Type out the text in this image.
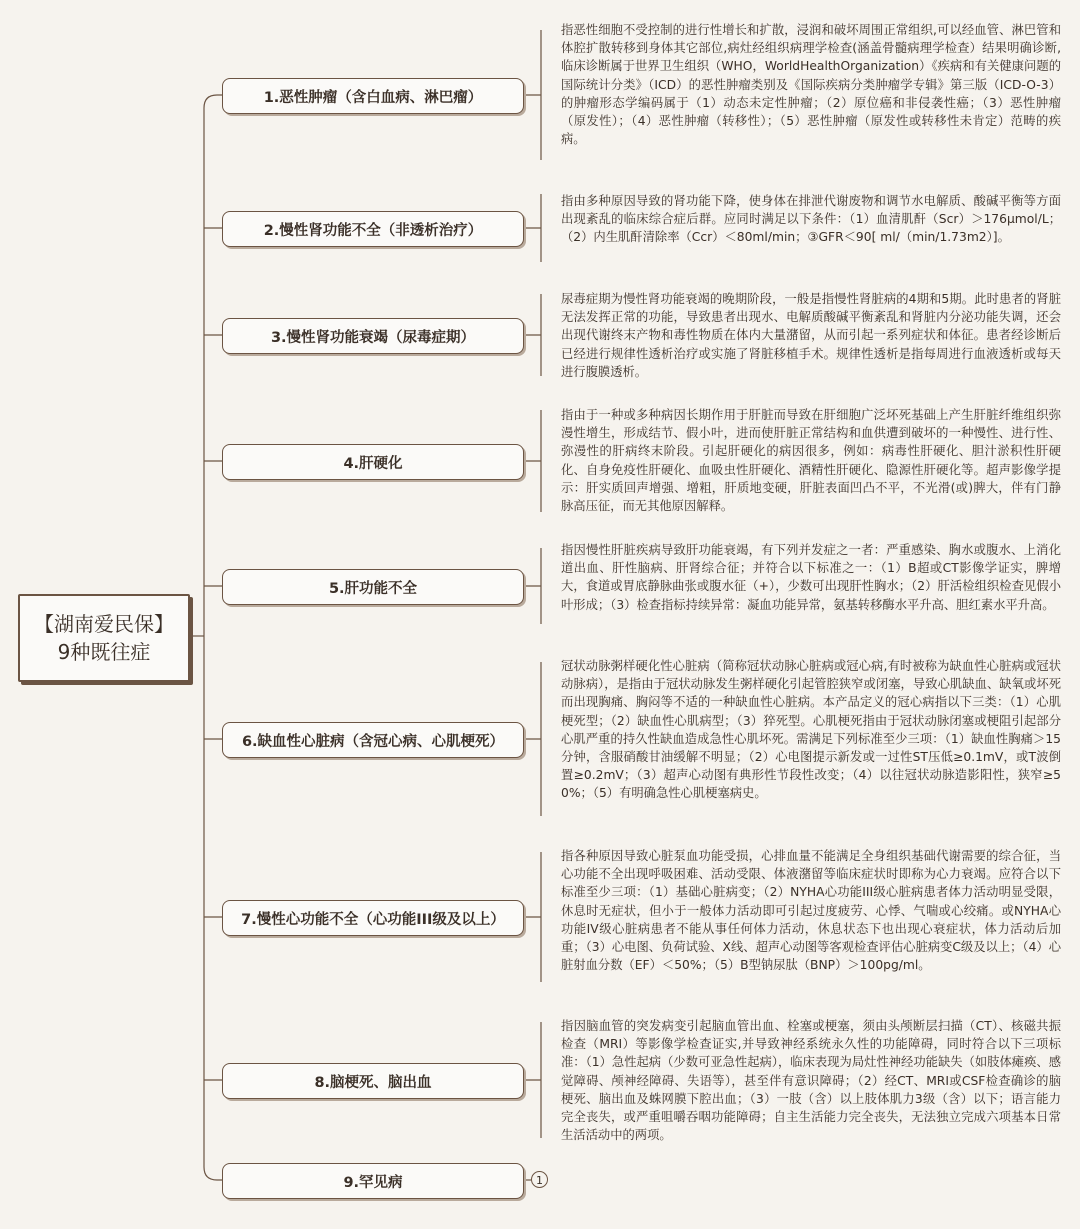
【湖南爱民保】
9种既往症
1.恶性肿瘤（含白血病、淋巴瘤）
2.慢性肾功能不全（非透析治疗）
3.慢性肾功能衰竭（尿毒症期）
4.肝硬化
5.肝功能不全
6.缺血性心脏病（含冠心病、心肌梗死）
7.慢性心功能不全（心功能III级及以上）
8.脑梗死、脑出血
9.罕见病	1
指恶性细胞不受控制的进行性增长和扩散，浸润和破坏周围正常组织,可以经血管、淋巴管和体腔扩散转移到身体其它部位,病灶经组织病理学检查(涵盖骨髓病理学检查）结果明确诊断,临床诊断属于世界卫生组织（WHO，WorldHealthOrganization）《疾病和有关健康问题的国际统计分类》（ICD）的恶性肿瘤类别及《国际疾病分类肿瘤学专辑》第三版（ICD-O-3）的肿瘤形态学编码属于（1）动态未定性肿瘤；（2）原位癌和非侵袭性癌；（3）恶性肿瘤（原发性）；（4）恶性肿瘤（转移性）；（5）恶性肿瘤（原发性或转移性未肯定）范畴的疾病。
指由多种原因导致的肾功能下降，使身体在排泄代谢废物和调节水电解质、酸碱平衡等方面出现紊乱的临床综合症后群。应同时满足以下条件：（1）血清肌酐（Scr）＞176μmol/L；（2）内生肌酐清除率（Ccr）＜80ml/min；③GFR＜90[ ml/（min/1.73m2）]。
尿毒症期为慢性肾功能衰竭的晚期阶段，一般是指慢性肾脏病的4期和5期。此时患者的肾脏无法发挥正常的功能，导致患者出现水、电解质酸碱平衡紊乱和肾脏内分泌功能失调，还会出现代谢终末产物和毒性物质在体内大量潴留，从而引起一系列症状和体征。患者经诊断后已经进行规律性透析治疗或实施了肾脏移植手术。规律性透析是指每周进行血液透析或每天进行腹膜透析。
指由于一种或多种病因长期作用于肝脏而导致在肝细胞广泛坏死基础上产生肝脏纤维组织弥漫性增生，形成结节、假小叶，进而使肝脏正常结构和血供遭到破坏的一种慢性、进行性、弥漫性的肝病终末阶段。引起肝硬化的病因很多，例如：病毒性肝硬化、胆汁淤积性肝硬化、自身免疫性肝硬化、血吸虫性肝硬化、酒精性肝硬化、隐源性肝硬化等。超声影像学提示：肝实质回声增强、增粗，肝质地变硬，肝脏表面凹凸不平，不光滑(或)脾大，伴有门静脉高压征，而无其他原因解释。
指因慢性肝脏疾病导致肝功能衰竭，有下列并发症之一者：严重感染、胸水或腹水、上消化道出血、肝性脑病、肝肾综合征；并符合以下标准之一：（1）B超或CT影像学证实，脾增大，食道或胃底静脉曲张或腹水征（+），少数可出现肝性胸水；（2）肝活检组织检查见假小叶形成；（3）检查指标持续异常：凝血功能异常，氨基转移酶水平升高、胆红素水平升高。
冠状动脉粥样硬化性心脏病（简称冠状动脉心脏病或冠心病,有时被称为缺血性心脏病或冠状动脉病），是指由于冠状动脉发生粥样硬化引起管腔狭窄或闭塞，导致心肌缺血、缺氧或坏死而出现胸痛、胸闷等不适的一种缺血性心脏病。本产品定义的冠心病指以下三类：（1）心肌梗死型；（2）缺血性心肌病型；（3）猝死型。心肌梗死指由于冠状动脉闭塞或梗阻引起部分心肌严重的持久性缺血造成急性心肌坏死。需满足下列标准至少三项：（1）缺血性胸痛＞15分钟，含服硝酸甘油缓解不明显；（2）心电图提示新发或一过性ST压低≥0.1mV，或T波倒置≥0.2mV；（3）超声心动图有典形性节段性改变；（4）以往冠状动脉造影阳性，狭窄≥50%；（5）有明确急性心肌梗塞病史。
指各种原因导致心脏泵血功能受损，心排血量不能满足全身组织基础代谢需要的综合征，当心功能不全出现呼吸困难、活动受限、体液潴留等临床症状时即称为心力衰竭。应符合以下标准至少三项：（1）基础心脏病变；（2）NYHA心功能III级心脏病患者体力活动明显受限，休息时无症状，但小于一般体力活动即可引起过度疲劳、心悸、气喘或心绞痛。或NYHA心功能IV级心脏病患者不能从事任何体力活动，休息状态下也出现心衰症状，体力活动后加重；（3）心电图、负荷试验、X线、超声心动图等客观检查评估心脏病变C级及以上；（4）心脏射血分数（EF）＜50%；（5）B型钠尿肽（BNP）＞100pg/ml。
指因脑血管的突发病变引起脑血管出血、栓塞或梗塞，须由头颅断层扫描（CT）、核磁共振检查（MRI）等影像学检查证实,并导致神经系统永久性的功能障碍，同时符合以下三项标准：（1）急性起病（少数可亚急性起病），临床表现为局灶性神经功能缺失（如肢体瘫痪、感觉障碍、颅神经障碍、失语等），甚至伴有意识障碍；（2）经CT、MRI或CSF检查确诊的脑梗死、脑出血及蛛网膜下腔出血；（3）一肢（含）以上肢体肌力3级（含）以下；语言能力完全丧失，或严重咀嚼吞咽功能障碍；自主生活能力完全丧失，无法独立完成六项基本日常生活活动中的两项。
